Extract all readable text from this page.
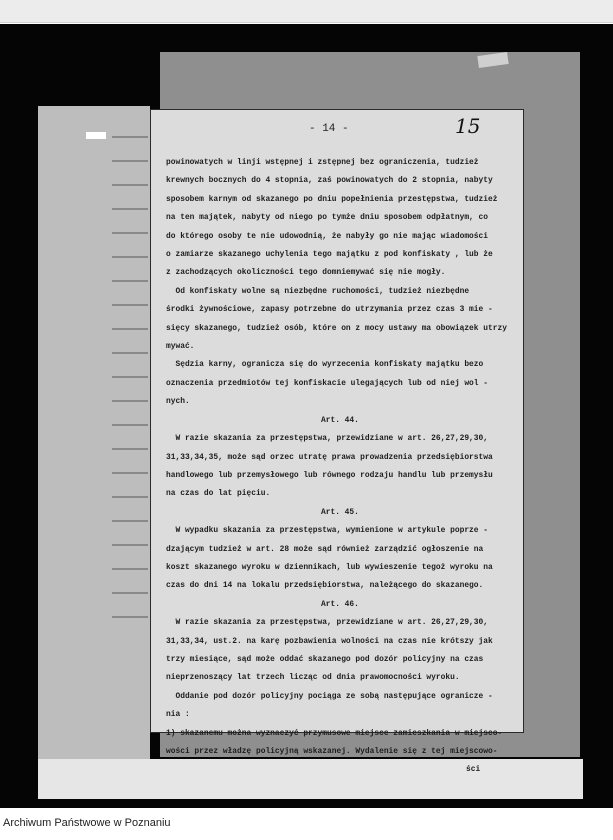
- 14 -	15
powinowatych w linji wstępnej i zstępnej bez ograniczenia, tudzież
krewnych bocznych do 4 stopnia, zaś powinowatych do 2 stopnia, nabyty
sposobem karnym od skazanego po dniu popełnienia przestępstwa, tudzież
na ten majątek, nabyty od niego po tymże dniu sposobem odpłatnym, co
do którego osoby te nie udowodnią, że nabyły go nie mając wiadomości
o zamiarze skazanego uchylenia tego majątku z pod konfiskaty , lub że
z zachodzących okoliczności tego domniemywać się nie mogły.
Od konfiskaty wolne są niezbędne ruchomości, tudzież niezbędne
środki żywnościowe, zapasy potrzebne do utrzymania przez czas 3 mie -
sięcy skazanego, tudzież osób, które on z mocy ustawy ma obowiązek utrzy
mywać.
Sędzia karny, ogranicza się do wyrzecenia konfiskaty majątku bezo
oznaczenia przedmiotów tej konfiskacie ulegających lub od niej wol -
nych.
Art. 44.
W razie skazania za przestępstwa, przewidziane w art. 26,27,29,30,
31,33,34,35, może sąd orzec utratę prawa prowadzenia przedsiębiorstwa
handlowego lub przemysłowego lub równego rodzaju handlu lub przemysłu
na czas do lat pięciu.
Art. 45.
W wypadku skazania za przestępstwa, wymienione w artykule poprze -
dzającym tudzież w art. 28 może sąd również zarządzić ogłoszenie na
koszt skazanego wyroku w dziennikach, lub wywieszenie tegoż wyroku na
czas do dni 14 na lokalu przedsiębiorstwa, należącego do skazanego.
Art. 46.
W razie skazania za przestępstwa, przewidziane w art. 26,27,29,30,
31,33,34, ust.2. na karę pozbawienia wolności na czas nie krótszy jak
trzy miesiące, sąd może oddać skazanego pod dozór policyjny na czas
nieprzenoszący lat trzech licząc od dnia prawomocności wyroku.
Oddanie pod dozór policyjny pociąga ze sobą następujące ogranicze -
nia :
1) skazanemu można wyznaczyć przymusowe miejsce zamieszkania w miejsco-
wości przez władzę policyjną wskazanej. Wydalenie się z tej miejscowo-
ści
Archiwum Państwowe w Poznaniu
